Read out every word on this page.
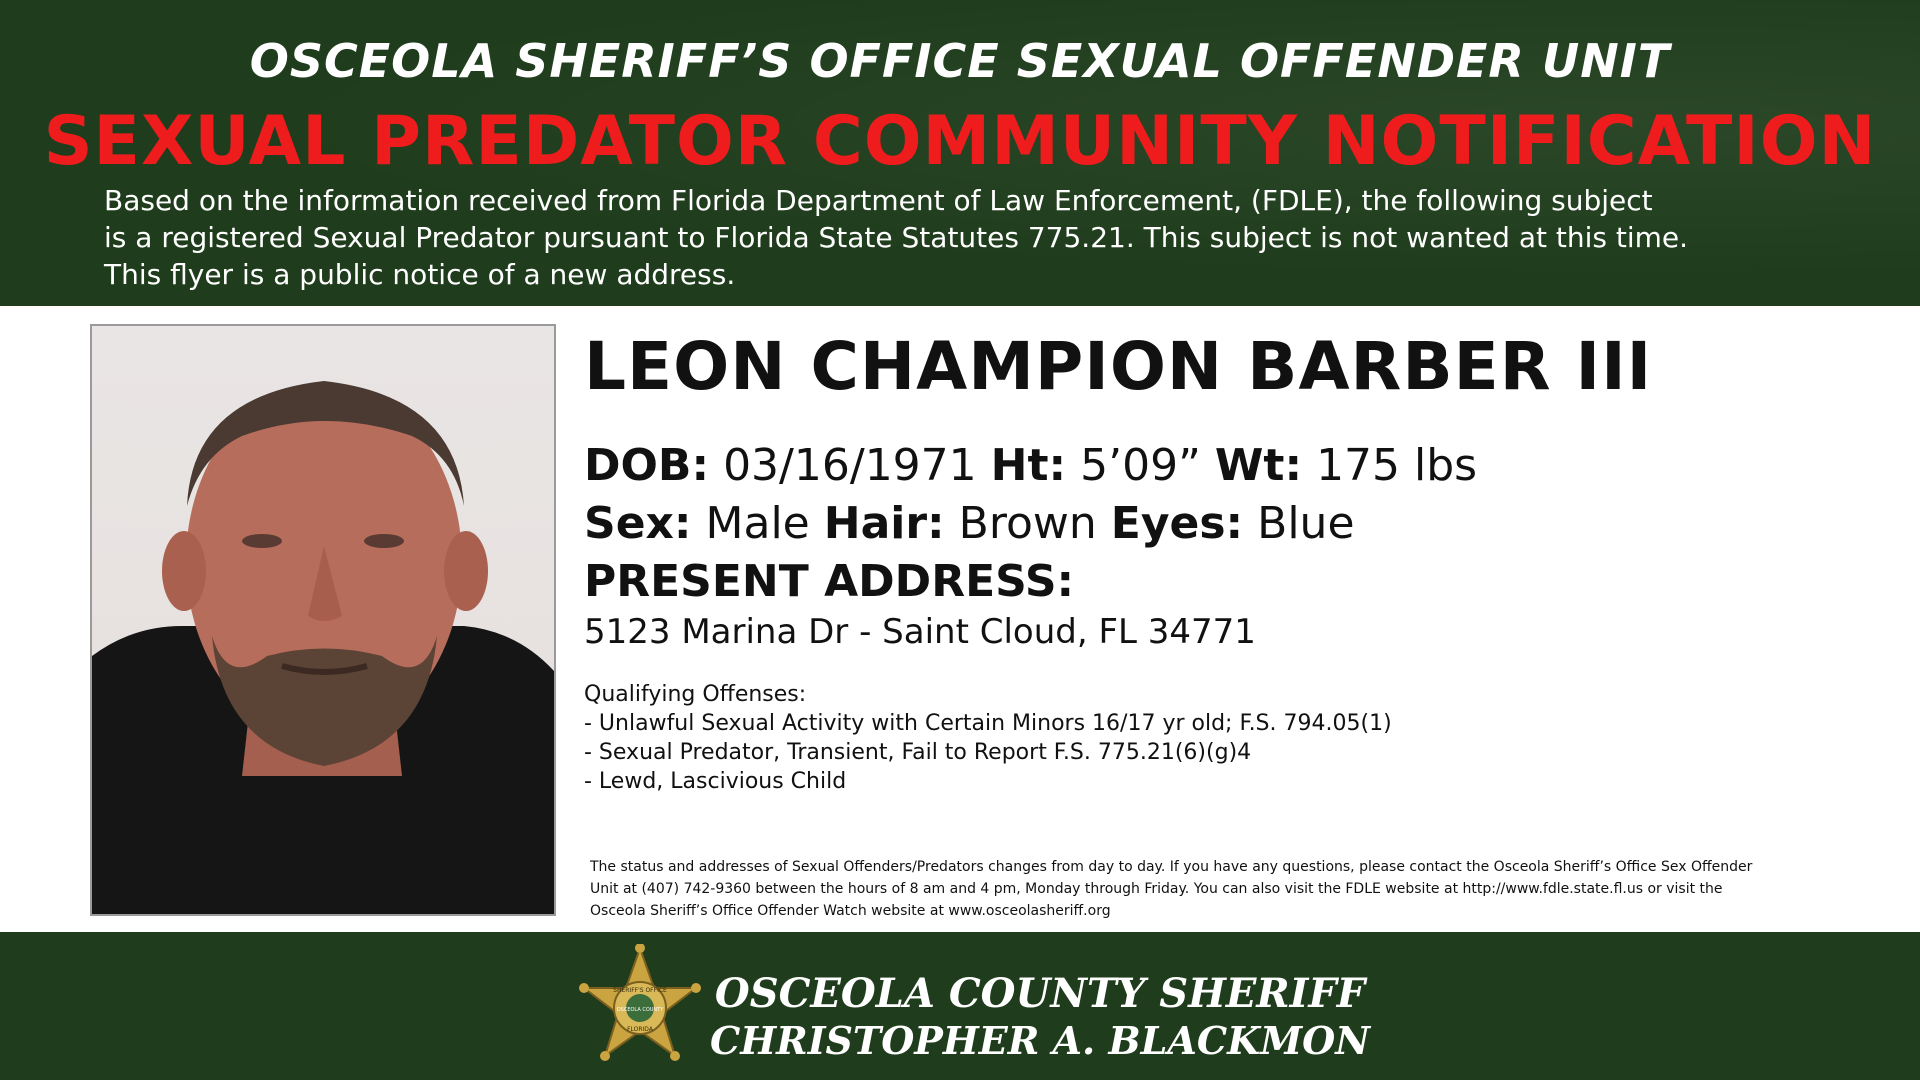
OSCEOLA SHERIFF’S OFFICE SEXUAL OFFENDER UNIT
SEXUAL PREDATOR COMMUNITY NOTIFICATION
Based on the information received from Florida Department of Law Enforcement, (FDLE), the following subject
is a registered Sexual Predator pursuant to Florida State Statutes 775.21. This subject is not wanted at this time.
This flyer is a public notice of a new address.
LEON CHAMPION BARBER III
DOB: 03/16/1971 Ht: 5’09” Wt: 175 lbs
Sex: Male Hair: Brown Eyes: Blue
PRESENT ADDRESS:
5123 Marina Dr - Saint Cloud, FL 34771
Qualifying Offenses:
- Unlawful Sexual Activity with Certain Minors 16/17 yr old; F.S. 794.05(1)
- Sexual Predator, Transient, Fail to Report F.S. 775.21(6)(g)4
- Lewd, Lascivious Child
The status and addresses of Sexual Offenders/Predators changes from day to day. If you have any questions, please contact the Osceola Sheriff’s Office Sex Offender
Unit at (407) 742-9360 between the hours of 8 am and 4 pm, Monday through Friday. You can also visit the FDLE website at http://www.fdle.state.fl.us or visit the
Osceola Sheriff’s Office Offender Watch website at www.osceolasheriff.org
SHERIFF'S OFFICE
OSCEOLA COUNTY
FLORIDA
OSCEOLA COUNTY SHERIFF
CHRISTOPHER A. BLACKMON
